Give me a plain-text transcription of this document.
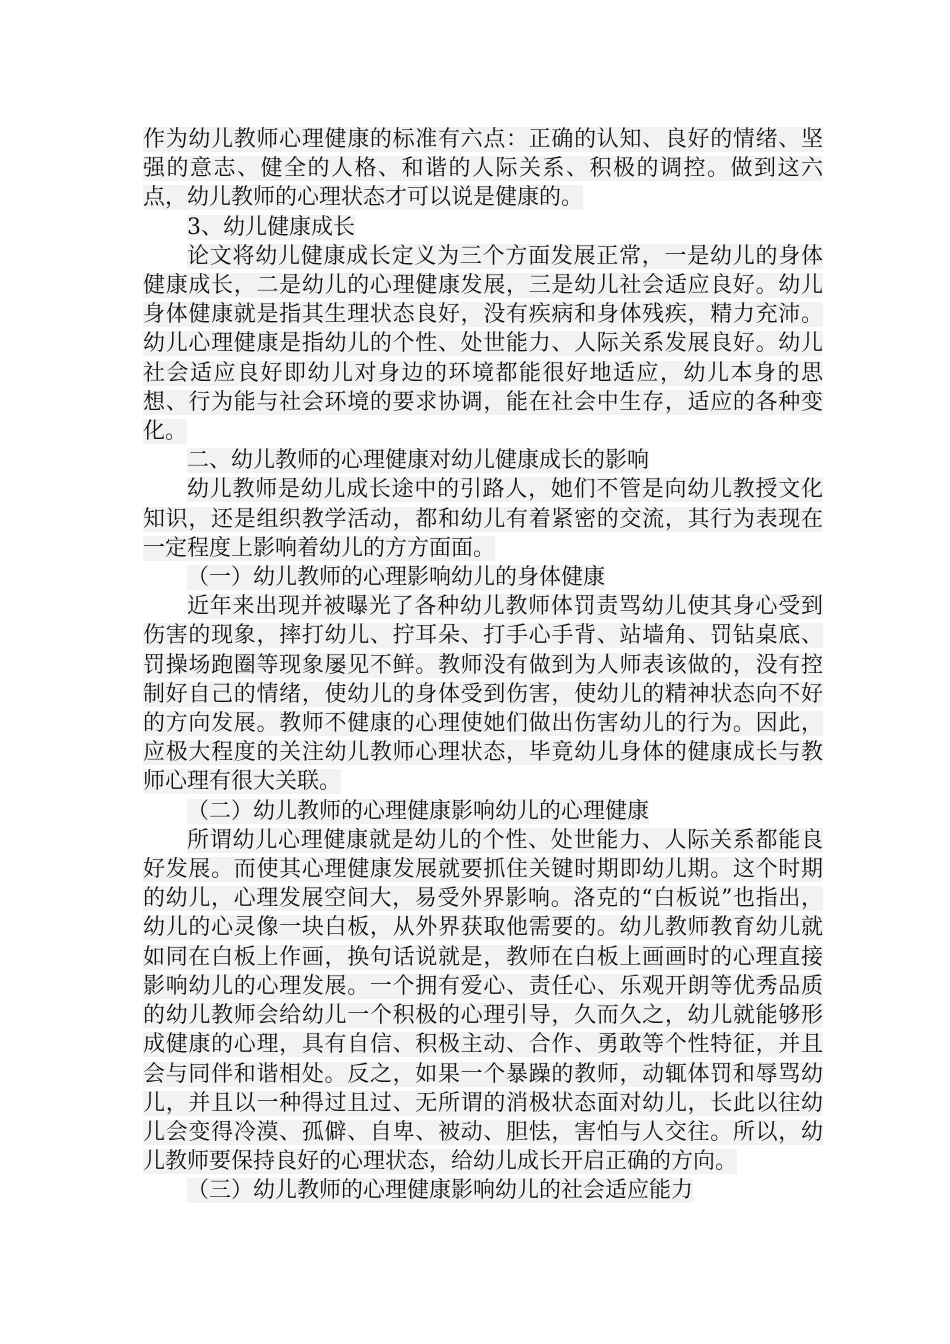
作为幼儿教师心理健康的标准有六点：正确的认知、良好的情绪、坚强的意志、健全的人格、和谐的人际关系、积极的调控。做到这六点，幼儿教师的心理状态才可以说是健康的。

3、幼儿健康成长

论文将幼儿健康成长定义为三个方面发展正常，一是幼儿的身体健康成长，二是幼儿的心理健康发展，三是幼儿社会适应良好。幼儿身体健康就是指其生理状态良好，没有疾病和身体残疾，精力充沛。幼儿心理健康是指幼儿的个性、处世能力、人际关系发展良好。幼儿社会适应良好即幼儿对身边的环境都能很好地适应，幼儿本身的思想、行为能与社会环境的要求协调，能在社会中生存，适应的各种变化。

二、幼儿教师的心理健康对幼儿健康成长的影响

幼儿教师是幼儿成长途中的引路人，她们不管是向幼儿教授文化知识，还是组织教学活动，都和幼儿有着紧密的交流，其行为表现在一定程度上影响着幼儿的方方面面。

（一）幼儿教师的心理影响幼儿的身体健康

近年来出现并被曝光了各种幼儿教师体罚责骂幼儿使其身心受到伤害的现象，摔打幼儿、拧耳朵、打手心手背、站墙角、罚钻桌底、罚操场跑圈等现象屡见不鲜。教师没有做到为人师表该做的，没有控制好自己的情绪，使幼儿的身体受到伤害，使幼儿的精神状态向不好的方向发展。教师不健康的心理使她们做出伤害幼儿的行为。因此，应极大程度的关注幼儿教师心理状态，毕竟幼儿身体的健康成长与教师心理有很大关联。

（二）幼儿教师的心理健康影响幼儿的心理健康

所谓幼儿心理健康就是幼儿的个性、处世能力、人际关系都能良好发展。而使其心理健康发展就要抓住关键时期即幼儿期。这个时期的幼儿，心理发展空间大，易受外界影响。洛克的“白板说”也指出，幼儿的心灵像一块白板，从外界获取他需要的。幼儿教师教育幼儿就如同在白板上作画，换句话说就是，教师在白板上画画时的心理直接影响幼儿的心理发展。一个拥有爱心、责任心、乐观开朗等优秀品质的幼儿教师会给幼儿一个积极的心理引导，久而久之，幼儿就能够形成健康的心理，具有自信、积极主动、合作、勇敢等个性特征，并且会与同伴和谐相处。反之，如果一个暴躁的教师，动辄体罚和辱骂幼儿，并且以一种得过且过、无所谓的消极状态面对幼儿，长此以往幼儿会变得冷漠、孤僻、自卑、被动、胆怯，害怕与人交往。所以，幼儿教师要保持良好的心理状态，给幼儿成长开启正确的方向。

（三）幼儿教师的心理健康影响幼儿的社会适应能力
